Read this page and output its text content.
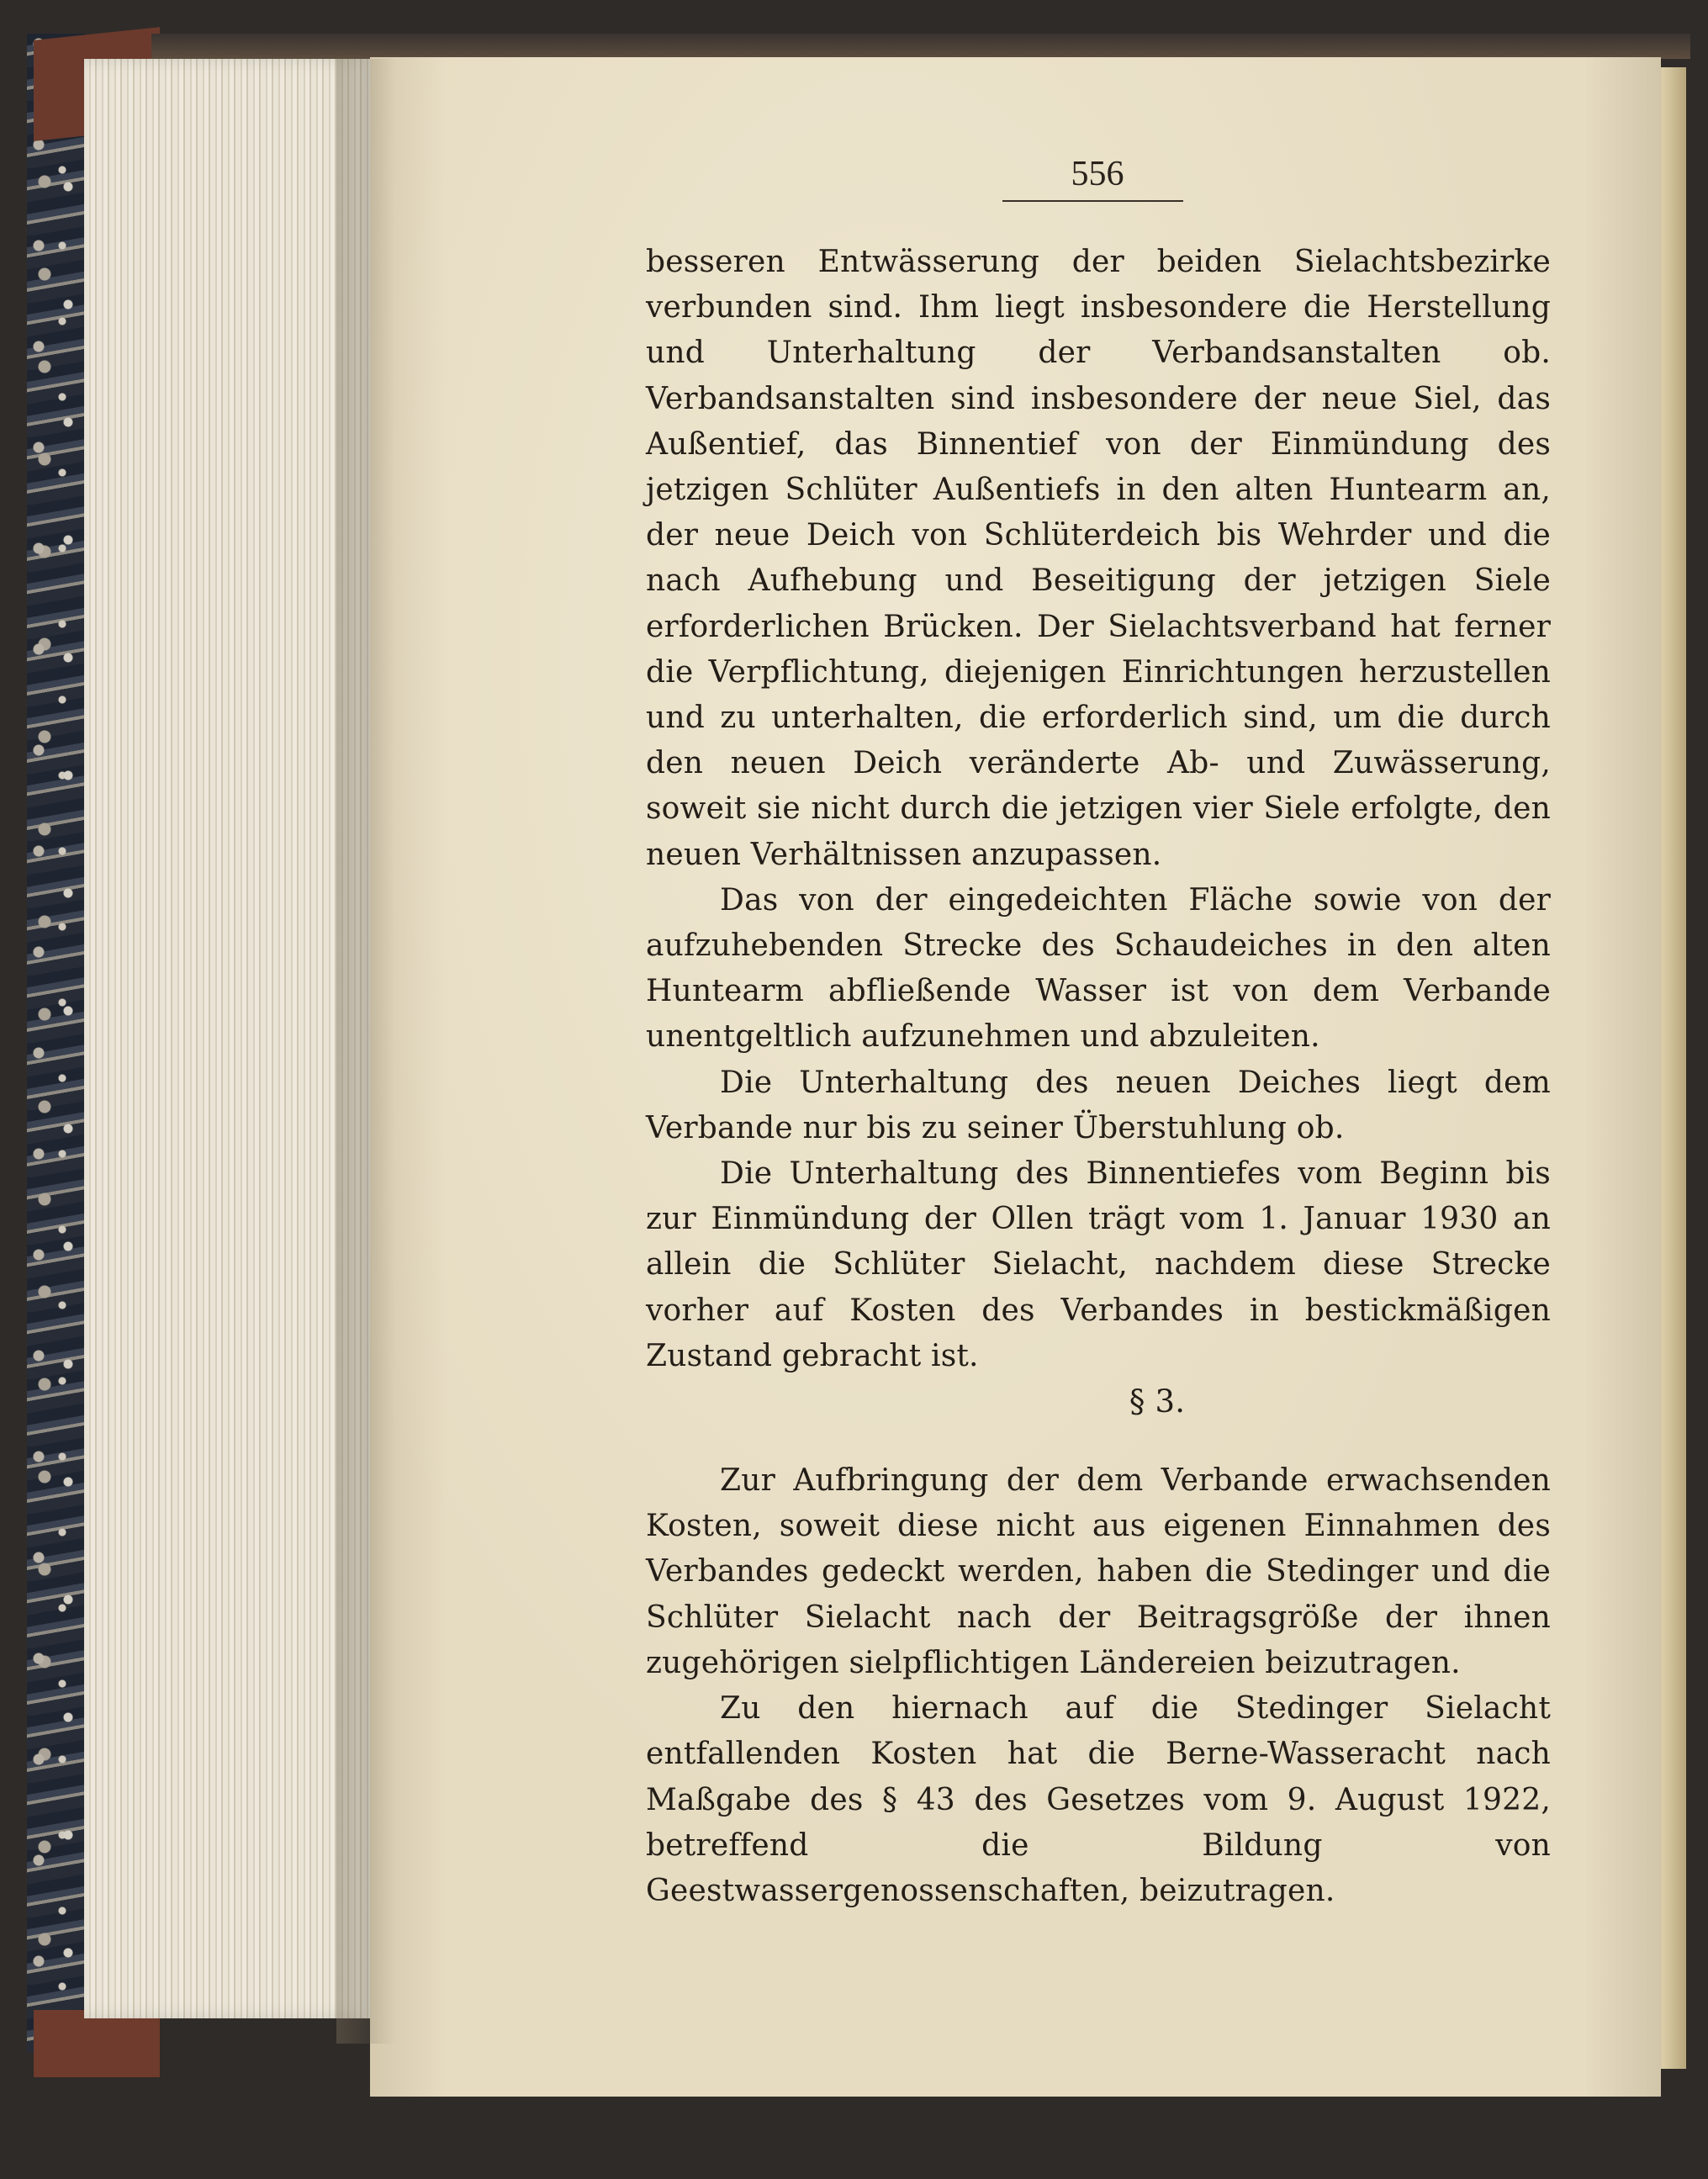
556

besseren Entwässerung der beiden Sielachtsbezirke verbunden sind. Ihm liegt insbesondere die Herstellung und Unterhaltung der Verbandsanstalten ob. Verbandsanstalten sind insbesondere der neue Siel, das Außentief, das Binnentief von der Einmündung des jetzigen Schlüter Außentiefs in den alten Huntearm an, der neue Deich von Schlüterdeich bis Wehrder und die nach Aufhebung und Beseitigung der jetzigen Siele erforderlichen Brücken. Der Sielachtsverband hat ferner die Verpflichtung, diejenigen Einrichtungen herzustellen und zu unterhalten, die erforderlich sind, um die durch den neuen Deich veränderte Ab- und Zuwässerung, soweit sie nicht durch die jetzigen vier Siele erfolgte, den neuen Verhältnissen anzupassen.

Das von der eingedeichten Fläche sowie von der aufzuhebenden Strecke des Schaudeiches in den alten Huntearm abfließende Wasser ist von dem Verbande unentgeltlich aufzunehmen und abzuleiten.

Die Unterhaltung des neuen Deiches liegt dem Verbande nur bis zu seiner Überstuhlung ob.

Die Unterhaltung des Binnentiefes vom Beginn bis zur Einmündung der Ollen trägt vom 1. Januar 1930 an allein die Schlüter Sielacht, nachdem diese Strecke vorher auf Kosten des Verbandes in bestickmäßigen Zustand gebracht ist.

§ 3.

Zur Aufbringung der dem Verbande erwachsenden Kosten, soweit diese nicht aus eigenen Einnahmen des Verbandes gedeckt werden, haben die Stedinger und die Schlüter Sielacht nach der Beitragsgröße der ihnen zugehörigen sielpflichtigen Ländereien beizutragen.

Zu den hiernach auf die Stedinger Sielacht entfallenden Kosten hat die Berne-Wasseracht nach Maßgabe des § 43 des Gesetzes vom 9. August 1922, betreffend die Bildung von Geestwassergenossenschaften, beizutragen.
